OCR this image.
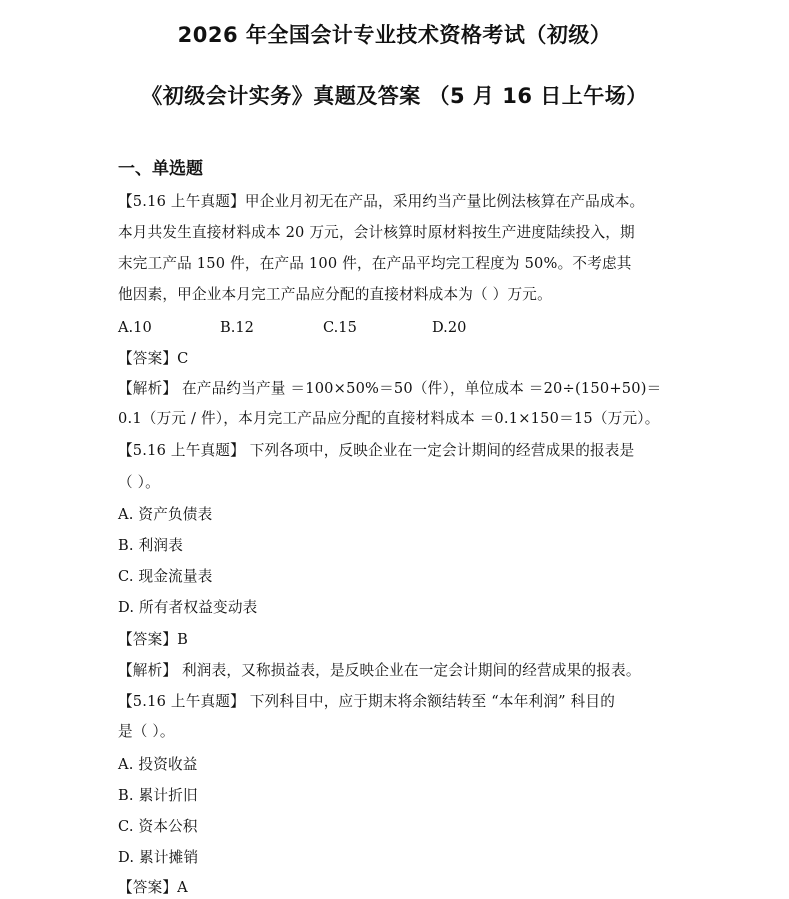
2026 年全国会计专业技术资格考试（初级）
《初级会计实务》真题及答案 （5 月 16 日上午场）
一、单选题
【5.16 上午真题】甲企业月初无在产品，采用约当产量比例法核算在产品成本。
本月共发生直接材料成本 20 万元，会计核算时原材料按生产进度陆续投入，期
末完工产品 150 件，在产品 100 件，在产品平均完工程度为 50%。不考虑其
他因素，甲企业本月完工产品应分配的直接材料成本为（ ）万元。
A.10	B.12	C.15	D.20
【答案】C
【解析】 在产品约当产量 ＝100×50%＝50（件），单位成本 ＝20÷(150+50)＝
0.1（万元 / 件），本月完工产品应分配的直接材料成本 ＝0.1×150＝15（万元）。
【5.16 上午真题】 下列各项中，反映企业在一定会计期间的经营成果的报表是
（ ）。
A. 资产负债表
B. 利润表
C. 现金流量表
D. 所有者权益变动表
【答案】B
【解析】 利润表，又称损益表，是反映企业在一定会计期间的经营成果的报表。
【5.16 上午真题】 下列科目中，应于期末将余额结转至 “本年利润” 科目的
是（ ）。
A. 投资收益
B. 累计折旧
C. 资本公积
D. 累计摊销
【答案】A
